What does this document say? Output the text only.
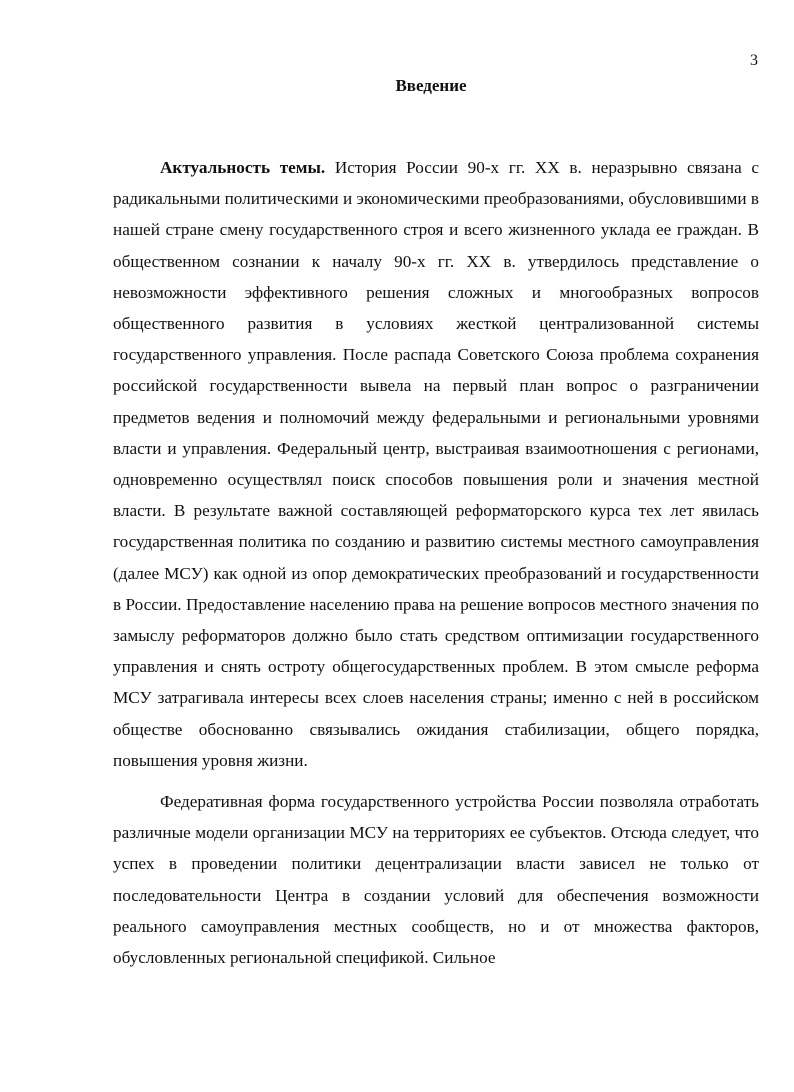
3
Введение

Актуальность темы. История России 90-х гг. XX в. неразрывно связана с радикальными политическими и экономическими преобразованиями, обусловившими в нашей стране смену государственного строя и всего жизненного уклада ее граждан. В общественном сознании к началу 90-х гг. XX в. утвердилось представление о невозможности эффективного решения сложных и многообразных вопросов общественного развития в условиях жесткой централизованной системы государственного управления. После распада Советского Союза проблема сохранения российской государственности вывела на первый план вопрос о разграничении предметов ведения и полномочий между федеральными и региональными уровнями власти и управления. Федеральный центр, выстраивая взаимоотношения с регионами, одновременно осуществлял поиск способов повышения роли и значения местной власти. В результате важной составляющей реформаторского курса тех лет явилась государственная политика по созданию и развитию системы местного самоуправления (далее МСУ) как одной из опор демократических преобразований и государственности в России. Предоставление населению права на решение вопросов местного значения по замыслу реформаторов должно было стать средством оптимизации государственного управления и снять остроту общегосударственных проблем. В этом смысле реформа МСУ затрагивала интересы всех слоев населения страны; именно с ней в российском обществе обоснованно связывались ожидания стабилизации, общего порядка, повышения уровня жизни.

Федеративная форма государственного устройства России позволяла отработать различные модели организации МСУ на территориях ее субъектов. Отсюда следует, что успех в проведении политики децентрализации власти зависел не только от последовательности Центра в создании условий для обеспечения возможности реального самоуправления местных сообществ, но и от множества факторов, обусловленных региональной спецификой. Сильное
